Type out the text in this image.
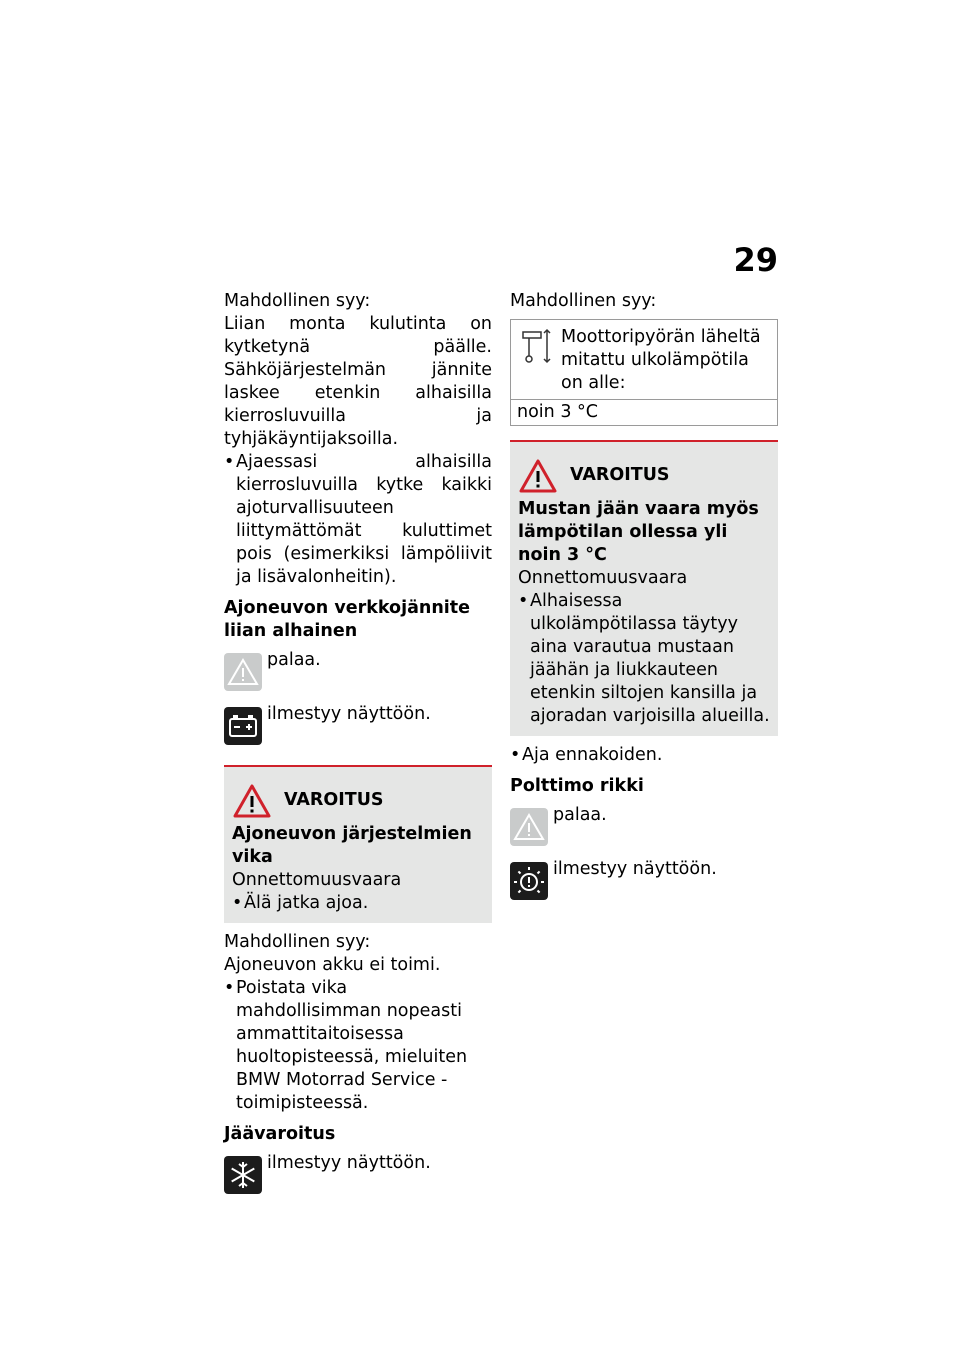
29

Mahdollinen syy:

Liian monta kulutinta on kytketynä päälle. Sähköjärjestelmän jännite laskee etenkin alhaisilla kierrosluvuilla ja tyhjäkäyntijaksoilla.

• Ajaessasi alhaisilla kierrosluvuilla kytke kaikki ajoturvallisuuteen liittymättömät kuluttimet pois (esimerkiksi lämpöliivit ja lisävalonheitin).

Ajoneuvon verkkojännite liian alhainen

palaa.
ilmestyy näyttöön.
VAROITUS

Ajoneuvon järjestelmien vika

Onnettomuusvaara

• Älä jatka ajoa.

Mahdollinen syy:

Ajoneuvon akku ei toimi.

• Poistata vika mahdollisimman nopeasti ammattitaitoisessa huoltopisteessä, mieluiten BMW Motorrad Service -toimipisteessä.

Jäävaroitus

ilmestyy näyttöön.

Mahdollinen syy:

Moottoripyörän läheltä mitattu ulkolämpötila on alle:

noin 3 °C
VAROITUS

Mustan jään vaara myös lämpötilan ollessa yli noin 3 °C

Onnettomuusvaara

• Alhaisessa ulkolämpötilassa täytyy aina varautua mustaan jäähän ja liukkauteen etenkin siltojen kansilla ja ajoradan varjoisilla alueilla.

• Aja ennakoiden.

Polttimo rikki

palaa.
ilmestyy näyttöön.
